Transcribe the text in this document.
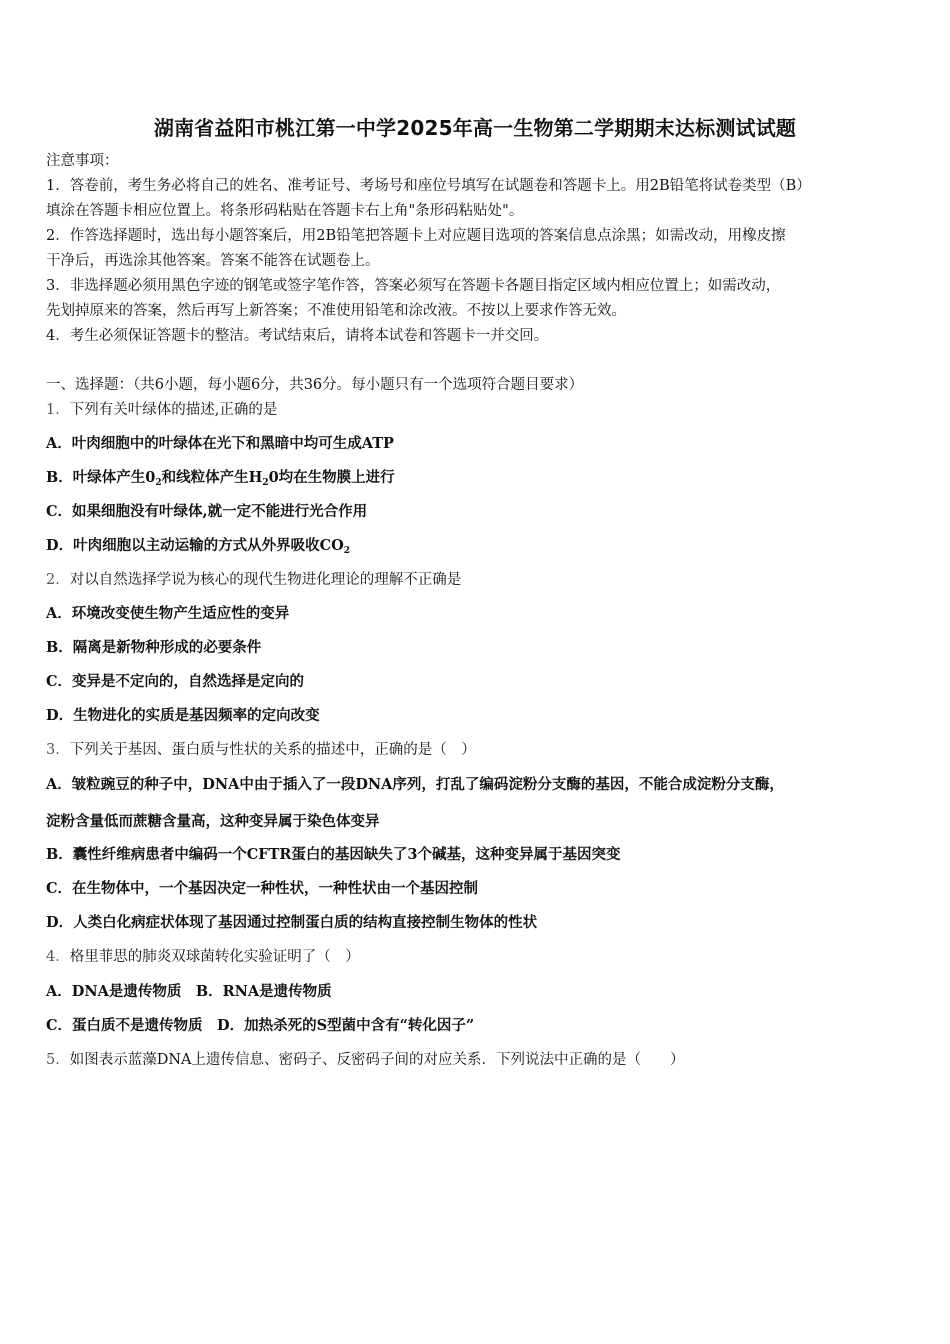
湖南省益阳市桃江第一中学2025年高一生物第二学期期末达标测试试题
注意事项：
1．答卷前，考生务必将自己的姓名、准考证号、考场号和座位号填写在试题卷和答题卡上。用2B铅笔将试卷类型（B）
填涂在答题卡相应位置上。将条形码粘贴在答题卡右上角"条形码粘贴处"。
2．作答选择题时，选出每小题答案后，用2B铅笔把答题卡上对应题目选项的答案信息点涂黑；如需改动，用橡皮擦
干净后，再选涂其他答案。答案不能答在试题卷上。
3．非选择题必须用黑色字迹的钢笔或签字笔作答，答案必须写在答题卡各题目指定区域内相应位置上；如需改动，
先划掉原来的答案，然后再写上新答案；不准使用铅笔和涂改液。不按以上要求作答无效。
4．考生必须保证答题卡的整洁。考试结束后，请将本试卷和答题卡一并交回。
一、选择题：（共6小题，每小题6分，共36分。每小题只有一个选项符合题目要求）
1．下列有关叶绿体的描述,正确的是
A．叶肉细胞中的叶绿体在光下和黑暗中均可生成ATP
B．叶绿体产生$0_2$和线粒体产生$H_20$均在生物膜上进行
C．如果细胞没有叶绿体,就一定不能进行光合作用
D．叶肉细胞以主动运输的方式从外界吸收$CO_2$
2．对以自然选择学说为核心的现代生物进化理论的理解不正确是
A．环境改变使生物产生适应性的变异
B．隔离是新物种形成的必要条件
C．变异是不定向的，自然选择是定向的
D．生物进化的实质是基因频率的定向改变
3．下列关于基因、蛋白质与性状的关系的描述中，正确的是（　）
A．皱粒豌豆的种子中，DNA中由于插入了一段DNA序列，打乱了编码淀粉分支酶的基因，不能合成淀粉分支酶，
淀粉含量低而蔗糖含量高，这种变异属于染色体变异
B．囊性纤维病患者中编码一个CFTR蛋白的基因缺失了3个碱基，这种变异属于基因突变
C．在生物体中，一个基因决定一种性状，一种性状由一个基因控制
D．人类白化病症状体现了基因通过控制蛋白质的结构直接控制生物体的性状
4．格里菲思的肺炎双球菌转化实验证明了（　）
A．DNA是遗传物质　B．RNA是遗传物质
C．蛋白质不是遗传物质　D．加热杀死的S型菌中含有“转化因子”
5．如图表示蓝藻DNA上遗传信息、密码子、反密码子间的对应关系．下列说法中正确的是（　　）
